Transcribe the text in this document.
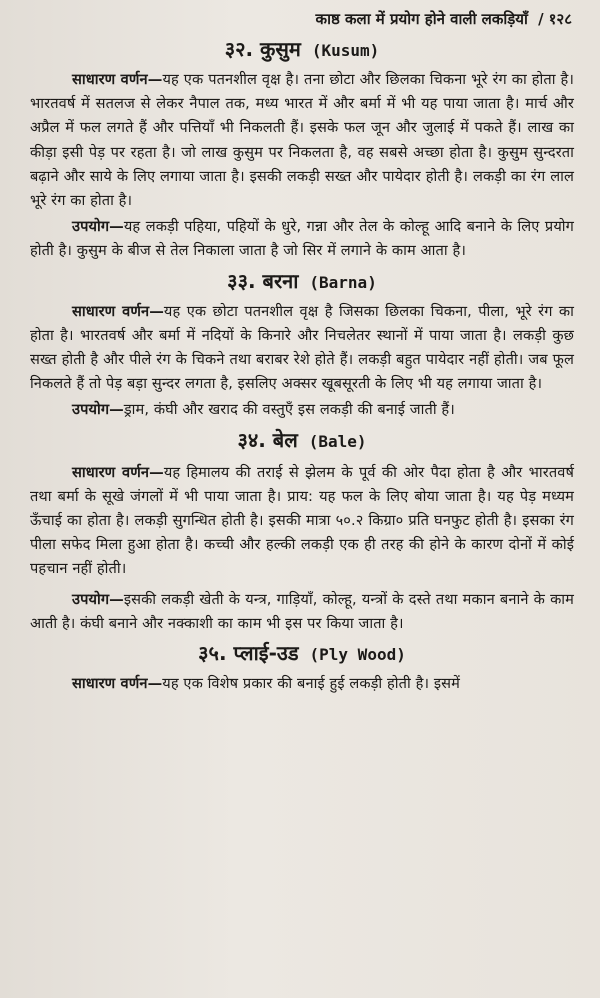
काष्ठ कला में प्रयोग होने वाली लकड़ियाँ / १२८
३२. कुसुम (Kusum)

साधारण वर्णन—यह एक पतनशील वृक्ष है। तना छोटा और छिलका चिकना भूरे रंग का होता है। भारतवर्ष में सतलज से लेकर नैपाल तक, मध्य भारत में और बर्मा में भी यह पाया जाता है। मार्च और अप्रैल में फल लगते हैं और पत्तियाँ भी निकलती हैं। इसके फल जून और जुलाई में पकते हैं। लाख का कीड़ा इसी पेड़ पर रहता है। जो लाख कुसुम पर निकलता है, वह सबसे अच्छा होता है। कुसुम सुन्दरता बढ़ाने और साये के लिए लगाया जाता है। इसकी लकड़ी सख्त और पायेदार होती है। लकड़ी का रंग लाल भूरे रंग का होता है।

उपयोग—यह लकड़ी पहिया, पहियों के धुरे, गन्ना और तेल के कोल्हू आदि बनाने के लिए प्रयोग होती है। कुसुम के बीज से तेल निकाला जाता है जो सिर में लगाने के काम आता है।

३३. बरना (Barna)

साधारण वर्णन—यह एक छोटा पतनशील वृक्ष है जिसका छिलका चिकना, पीला, भूरे रंग का होता है। भारतवर्ष और बर्मा में नदियों के किनारे और निचलेतर स्थानों में पाया जाता है। लकड़ी कुछ सख्त होती है और पीले रंग के चिकने तथा बराबर रेशे होते हैं। लकड़ी बहुत पायेदार नहीं होती। जब फूल निकलते हैं तो पेड़ बड़ा सुन्दर लगता है, इसलिए अक्सर खूबसूरती के लिए भी यह लगाया जाता है।

उपयोग—ड्राम, कंघी और खराद की वस्तुएँ इस लकड़ी की बनाई जाती हैं।

३४. बेल (Bale)

साधारण वर्णन—यह हिमालय की तराई से झेलम के पूर्व की ओर पैदा होता है और भारतवर्ष तथा बर्मा के सूखे जंगलों में भी पाया जाता है। प्राय: यह फल के लिए बोया जाता है। यह पेड़ मध्यम ऊँचाई का होता है। लकड़ी सुगन्धित होती है। इसकी मात्रा ५०.२ किग्रा० प्रति घनफुट होती है। इसका रंग पीला सफेद मिला हुआ होता है। कच्ची और हल्की लकड़ी एक ही तरह की होने के कारण दोनों में कोई पहचान नहीं होती।

उपयोग—इसकी लकड़ी खेती के यन्त्र, गाड़ियाँ, कोल्हू, यन्त्रों के दस्ते तथा मकान बनाने के काम आती है। कंघी बनाने और नक्काशी का काम भी इस पर किया जाता है।

३५. प्लाई-उड (Ply Wood)

साधारण वर्णन—यह एक विशेष प्रकार की बनाई हुई लकड़ी होती है। इसमें
